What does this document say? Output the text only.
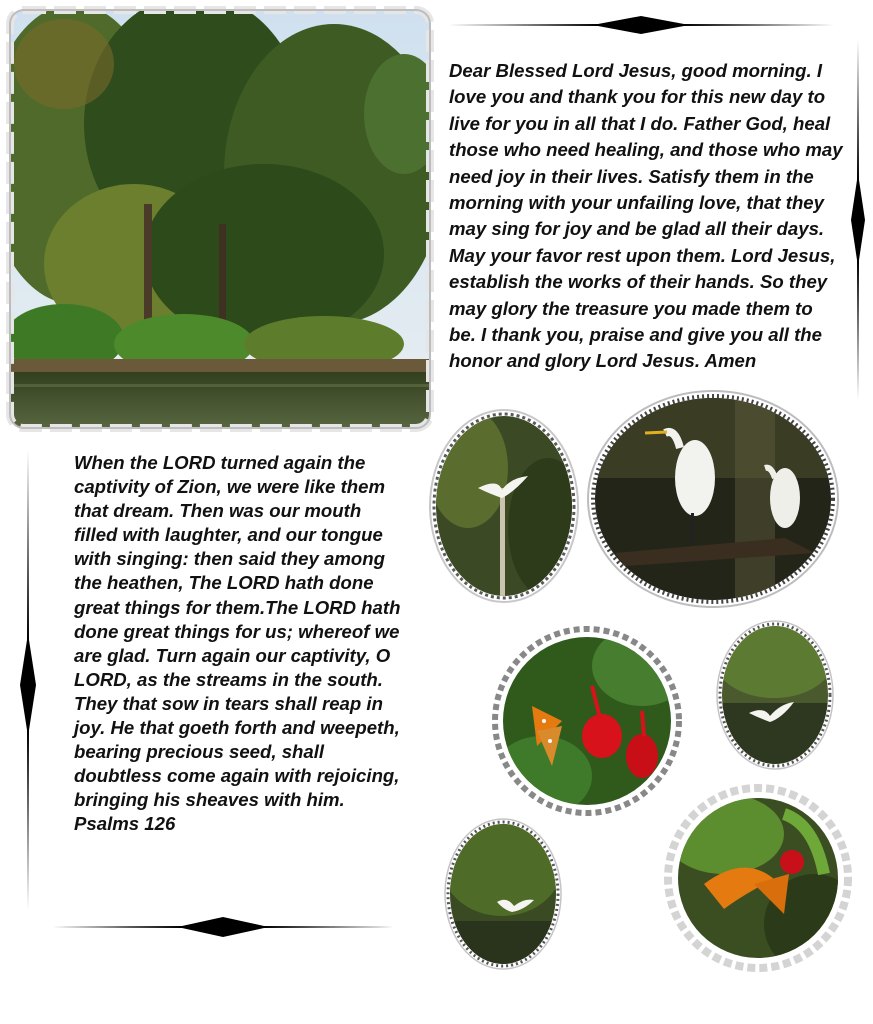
Dear Blessed Lord Jesus, good morning. I love you and thank you for this new day to live for you in all that I do. Father God, heal those who need healing, and those who may need joy in their lives. Satisfy them in the morning with your unfailing love, that they may sing for joy and be glad all their days. May your favor rest upon them. Lord Jesus, establish the works of their hands. So they may glory the treasure you made them to be. I thank you, praise and give you all the honor and glory Lord Jesus. Amen

When the LORD turned again the captivity of Zion, we were like them that dream. Then was our mouth filled with laughter, and our tongue with singing: then said they among the heathen, The LORD hath done great things for them.The LORD hath done great things for us; whereof we are glad. Turn again our captivity, O LORD, as the streams in the south. They that sow in tears shall reap in joy. He that goeth forth and weepeth, bearing precious seed, shall doubtless come again with rejoicing, bringing his sheaves with him.
Psalms 126
